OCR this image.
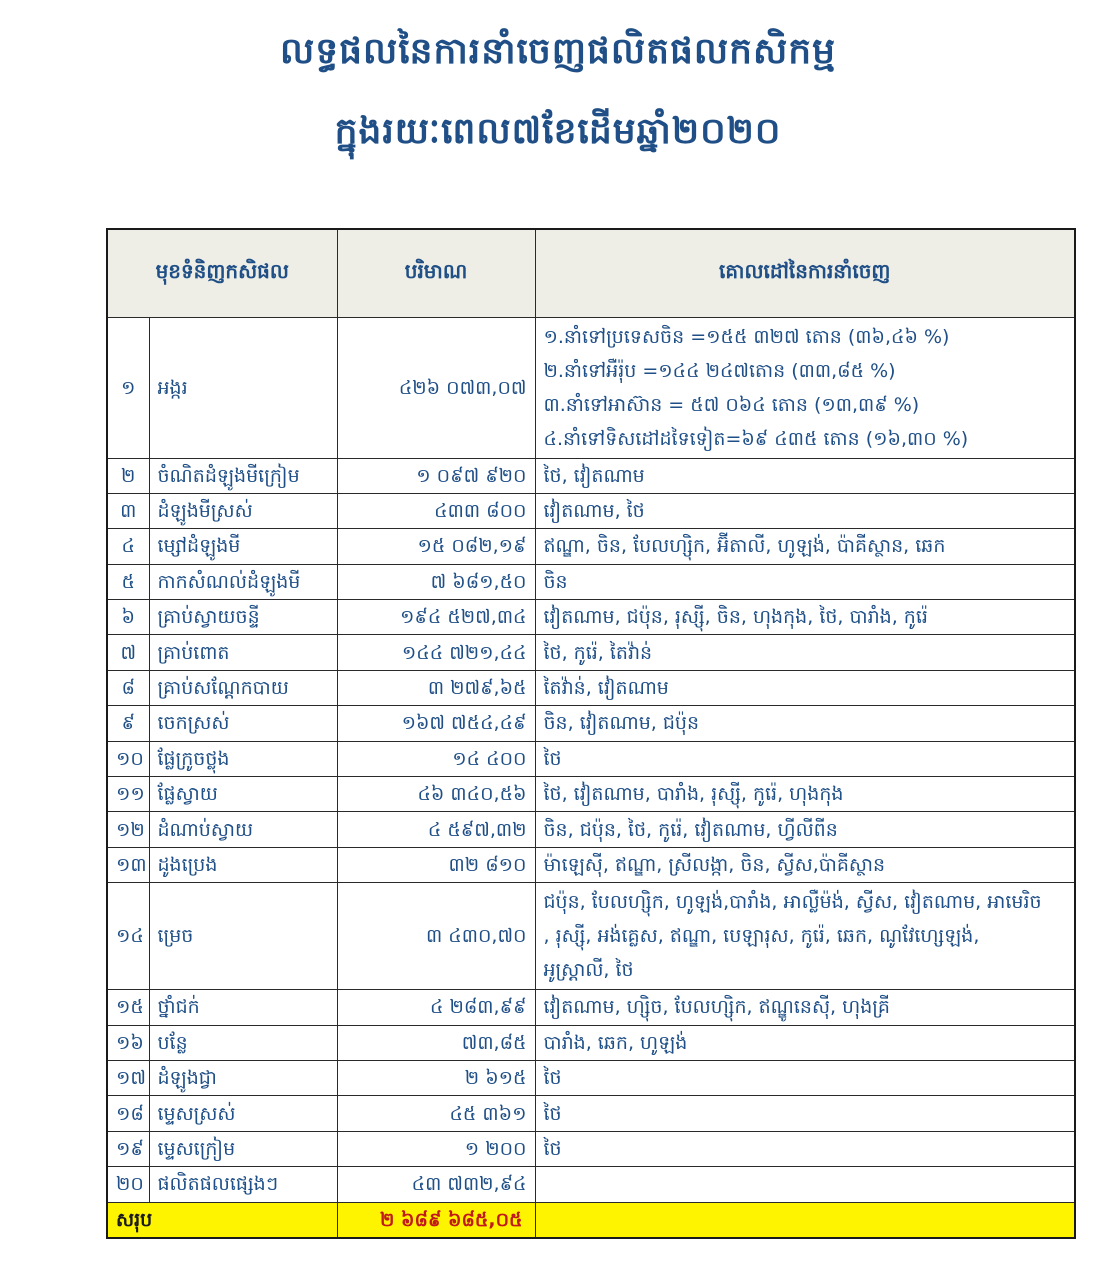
លទ្ធផលនៃការនាំចេញផលិតផលកសិកម្ម
ក្នុងរយៈពេល៧ខែដើមឆ្នាំ២០២០
មុខទំនិញកសិផល		បរិមាណ	គោលដៅនៃការនាំចេញ
១	អង្ករ	៤២៦ ០៧៣,០៧	១.នាំទៅប្រទេសចិន =១៥៥ ៣២៧ តោន (៣៦,៤៦ %)
២.នាំទៅអឺរ៉ុប =១៤៤ ២៤៧តោន (៣៣,៨៥ %)
៣.នាំទៅអាស៊ាន = ៥៧ ០៦៤ តោន (១៣,៣៩ %)
៤.នាំទៅទិសដៅដទៃទៀត=៦៩ ៤៣៥ តោន (១៦,៣០ %)

២	ចំណិតដំឡូងមីក្រៀម	១ ០៩៧ ៩២០	ថៃ, វៀតណាម
៣	ដំឡូងមីស្រស់	៤៣៣ ៨០០	វៀតណាម, ថៃ
៤	ម្សៅដំឡូងមី	១៥ ០៨២,១៩	ឥណ្ឌា, ចិន, បែលហ្ស៊ិក, អ៊ីតាលី, ហូឡង់, ប៉ាគីស្ថាន, ឆេក
៥	កាកសំណល់ដំឡូងមី	៧ ៦៨១,៥០	ចិន
៦	គ្រាប់ស្វាយចន្ទី	១៩៤ ៥២៧,៣៤	វៀតណាម, ជប៉ុន, រុស្ស៊ី, ចិន, ហុងកុង, ថៃ, បារាំង, កូរ៉េ
៧	គ្រាប់ពោត	១៤៤ ៧២១,៤៤	ថៃ, កូរ៉េ, តៃវ៉ាន់
៨	គ្រាប់សណ្តែកបាយ	៣ ២៧៩,៦៥	តៃវ៉ាន់, វៀតណាម
៩	ចេកស្រស់	១៦៧ ៧៥៤,៤៩	ចិន, វៀតណាម, ជប៉ុន
១០	ផ្លែក្រូចថ្លុង	១៤ ៤០០	ថៃ
១១	ផ្លែស្វាយ	៤៦ ៣៤០,៥៦	ថៃ, វៀតណាម, បារាំង, រុស្ស៊ី, កូរ៉េ, ហុងកុង
១២	ដំណាប់ស្វាយ	៤ ៥៩៧,៣២	ចិន, ជប៉ុន, ថៃ, កូរ៉េ, វៀតណាម, ហ្វីលីពីន
១៣	ដូងប្រេង	៣២ ៨១០	ម៉ាឡេស៊ី, ឥណ្ឌា, ស្រីលង្កា, ចិន, ស្វីស,ប៉ាគីស្ថាន
១៤	ម្រេច	៣ ៤៣០,៧០	ជប៉ុន, បែលហ្ស៊ិក, ហូឡង់,បារាំង, អាល្លឺម៉ង់, ស្វីស, វៀតណាម, អាមេរិច
, រុស្ស៊ី, អង់គ្លេស, ឥណ្ឌា, បេឡារុស, កូរ៉េ, ឆេក, ណូវែហ្សេឡង់,
អូស្ត្រាលី, ថៃ

១៥	ថ្នាំជក់	៤ ២៨៣,៩៩	វៀតណាម, ហ្ស៊ិច, បែលហ្ស៊ិក, ឥណ្ឌូនេស៊ី, ហុងគ្រី
១៦	បន្លែ	៧៣,៨៥	បារាំង, ឆេក, ហូឡង់
១៧	ដំឡូងជ្វា	២ ៦១៥	ថៃ
១៨	ម្ទេសស្រស់	៤៥ ៣៦១	ថៃ
១៩	ម្ទេសក្រៀម	១ ២០០	ថៃ
២០	ផលិតផលផ្សេងៗ	៤៣ ៧៣២,៩៤	
សរុប		២ ៦៨៩ ៦៨៥,០៥	
